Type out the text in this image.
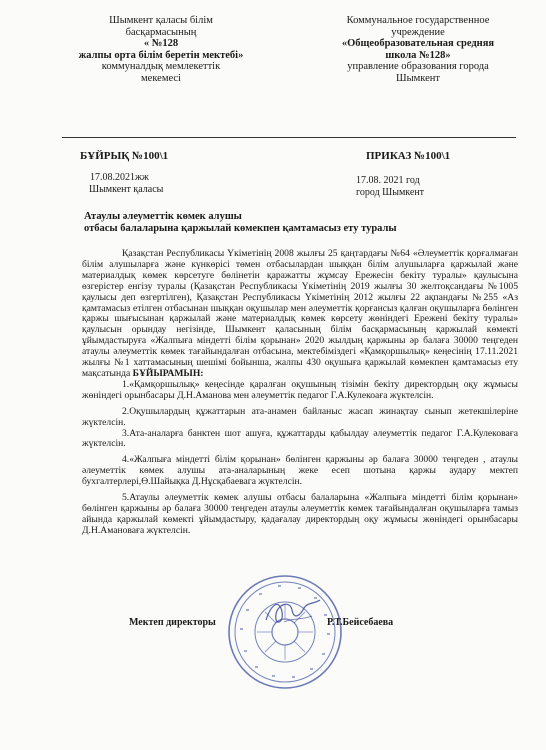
Шымкент қаласы білім
басқармасының
« №128
жалпы орта білім беретін мектебі»
коммуналдық мемлекеттік
мекемесі
Коммунальное государственное
учреждение
«Общеобразовательная средняя
школа №128»
управление образования города
Шымкент
БҰЙРЫҚ №100\1	ПРИКАЗ №100\1
17.08.2021жж
Шымкент қаласы
17.08. 2021 год
город Шымкент
Атаулы әлеуметтік көмек алушы
отбасы балаларына қаржылай көмекпен қамтамасыз ету туралы

Қазақстан Республикасы Үкіметінің 2008 жылғы 25 қаңтардағы №64 «Әлеуметтік қорғалмаған білім алушыларға және күнкөрісі төмен отбасылардан шыққан білім алушыларға қаржылай және материалдық көмек көрсетуге бөлінетін қаражатты жұмсау Ережесін бекіту туралы» қаулысына өзгерістер енгізу туралы (Қазақстан Республикасы Үкіметінің 2019 жылғы 30 желтоқсандағы №1005 қаулысы деп өзгертілген), Қазақстан Республикасы Үкіметінің 2012 жылғы 22 ақпандағы №255 «Аз қамтамасыз етілген отбасынан шыққан оқушылар мен әлеуметтік қорғансыз қалған оқушыларға бөлінген қаржы шығысынан қаржылай және материалдық көмек көрсету жөніндегі Ережені бекіту туралы» қаулысын орындау негізінде, Шымкент қаласының білім басқармасының қаржылай көмекті ұйымдастыруға «Жалпыға міндетті білім қорынан» 2020 жылдың қаржыны әр балаға 30000 теңгеден атаулы әлеуметтік көмек тағайындалған отбасына, мектебіміздегі «Қамқоршылық» кеңесінің 17.11.2021 жылғы №1 хаттамасының шешімі бойынша, жалпы 430 оқушыға қаржылай көмекпен қамтамасыз ету мақсатында БҰЙЫРАМЫН:

1.«Қамқоршылық» кеңесінде қаралған оқушының тізімін бекіту директордың оқу жұмысы жөніндегі орынбасары Д.Н.Аманова мен әлеуметтік педагог Г.А.Кулекоаға жүктелсін.

2.Оқушылардың құжаттарын ата-анамен байланыс жасап жинақтау сынып жетекшілеріне жүктелсін.

3.Ата-аналарға банктен шот ашуға, құжаттарды қабылдау әлеуметтік педагог Г.А.Кулековаға жүктелсін.

4.«Жалпыға міндетті білім қорынан» бөлінген қаржыны әр балаға 30000 теңгеден , атаулы әлеуметтік көмек алушы ата-аналарының жеке есеп шотына қаржы аудару мектеп бухгалтерлері,Ө.Шайықка Д.Нұсқабаевага жүктелсін.

5.Атаулы әлеуметтік көмек алушы отбасы балаларына «Жалпыға міндетті білім қорынан» бөлінген қаржыны әр балаға 30000 теңгеден атаулы әлеуметтік көмек тағайындалған оқушыларға тамыз айында қаржылай көмекті ұйымдастыру, қадағалау директордың оқу жұмысы жөніндегі орынбасары Д.Н.Амановаға жүктелсін.

Мектеп директоры	Р.Т.Бейсебаева
